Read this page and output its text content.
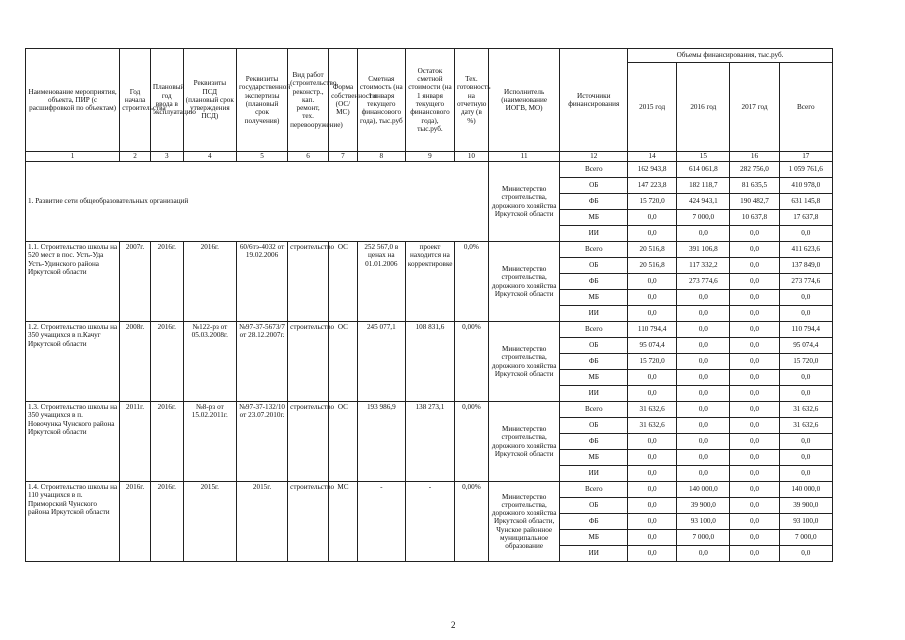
Наименование мероприятия, объекта, ПИР (с расшифровкой по объектам)	Год начала строительства	Плановый год ввода в эксплуатацию	Реквизиты ПСД (плановый срок утверждения ПСД)	Реквизиты государственной экспертизы (плановый срок получения)	Вид работ (строительство, реконстр., кап. ремонт, тех. перевооружение)	Форма собственности (ОС/МС)	Сметная стоимость (на 1 января текущего финансового года), тыс.руб	Остаток сметной стоимости (на 1 января текущего финансового года), тыс.руб.	Тех. готовность на отчетную дату (в %)	Исполнитель (наименование ИОГВ, МО)	Источники финансирования	Объемы финансирования, тыс.руб.			
												2015 год	2016 год	2017 год	Всего
1	2	3	4	5	6	7	8	9	10	11	12	14	15	16	17
1. Развитие сети общеобразовательных организаций										Министерство строительства, дорожного хозяйства Иркутской области	Всего	162 943,8	614 061,8	282 756,0	1 059 761,6
											ОБ	147 223,8	182 118,7	81 635,5	410 978,0
											ФБ	15 720,0	424 943,1	190 482,7	631 145,8
											МБ	0,0	7 000,0	10 637,8	17 637,8
											ИИ	0,0	0,0	0,0	0,0
1.1. Строительство школы на 520 мест в пос. Усть-Уда Усть-Удинского района Иркутской области	2007г.	2016г.	2016г.	60/6тэ-4032 от 19.02.2006	строительство	ОС	252 567,0 в ценах на 01.01.2006	проект находится на корректировке	0,0%	Министерство строительства, дорожного хозяйства Иркутской области	Всего	20 516,8	391 106,8	0,0	411 623,6
											ОБ	20 516,8	117 332,2	0,0	137 849,0
											ФБ	0,0	273 774,6	0,0	273 774,6
											МБ	0,0	0,0	0,0	0,0
											ИИ	0,0	0,0	0,0	0,0
1.2. Строительство школы на 350 учащихся в п.Качуг Иркутской области	2008г.	2016г.	№122-рз от 05.03.2008г.	№97-37-5673/7 от 28.12.2007г.	строительство	ОС	245 077,1	108 831,6	0,00%	Министерство строительства, дорожного хозяйства Иркутской области	Всего	110 794,4	0,0	0,0	110 794,4
											ОБ	95 074,4	0,0	0,0	95 074,4
											ФБ	15 720,0	0,0	0,0	15 720,0
											МБ	0,0	0,0	0,0	0,0
											ИИ	0,0	0,0	0,0	0,0
1.3. Строительство школы на 350 учащихся в п. Новочунка Чунского района Иркутской области	2011г.	2016г.	№8-рз от 15.02.2011г.	№97-37-132/10 от 23.07.2010г.	строительство	ОС	193 986,9	138 273,1	0,00%	Министерство строительства, дорожного хозяйства Иркутской области	Всего	31 632,6	0,0	0,0	31 632,6
											ОБ	31 632,6	0,0	0,0	31 632,6
											ФБ	0,0	0,0	0,0	0,0
											МБ	0,0	0,0	0,0	0,0
											ИИ	0,0	0,0	0,0	0,0
1.4. Строительство школы на 110 учащихся в п. Приморский Чунского района Иркутской области	2016г.	2016г.	2015г.	2015г.	строительство	МС	-	-	0,00%	Министерство строительства, дорожного хозяйства Иркутской области, Чунское районное муниципальное образование	Всего	0,0	140 000,0	0,0	140 000,0
											ОБ	0,0	39 900,0	0,0	39 900,0
											ФБ	0,0	93 100,0	0,0	93 100,0
											МБ	0,0	7 000,0	0,0	7 000,0
											ИИ	0,0	0,0	0,0	0,0
2
